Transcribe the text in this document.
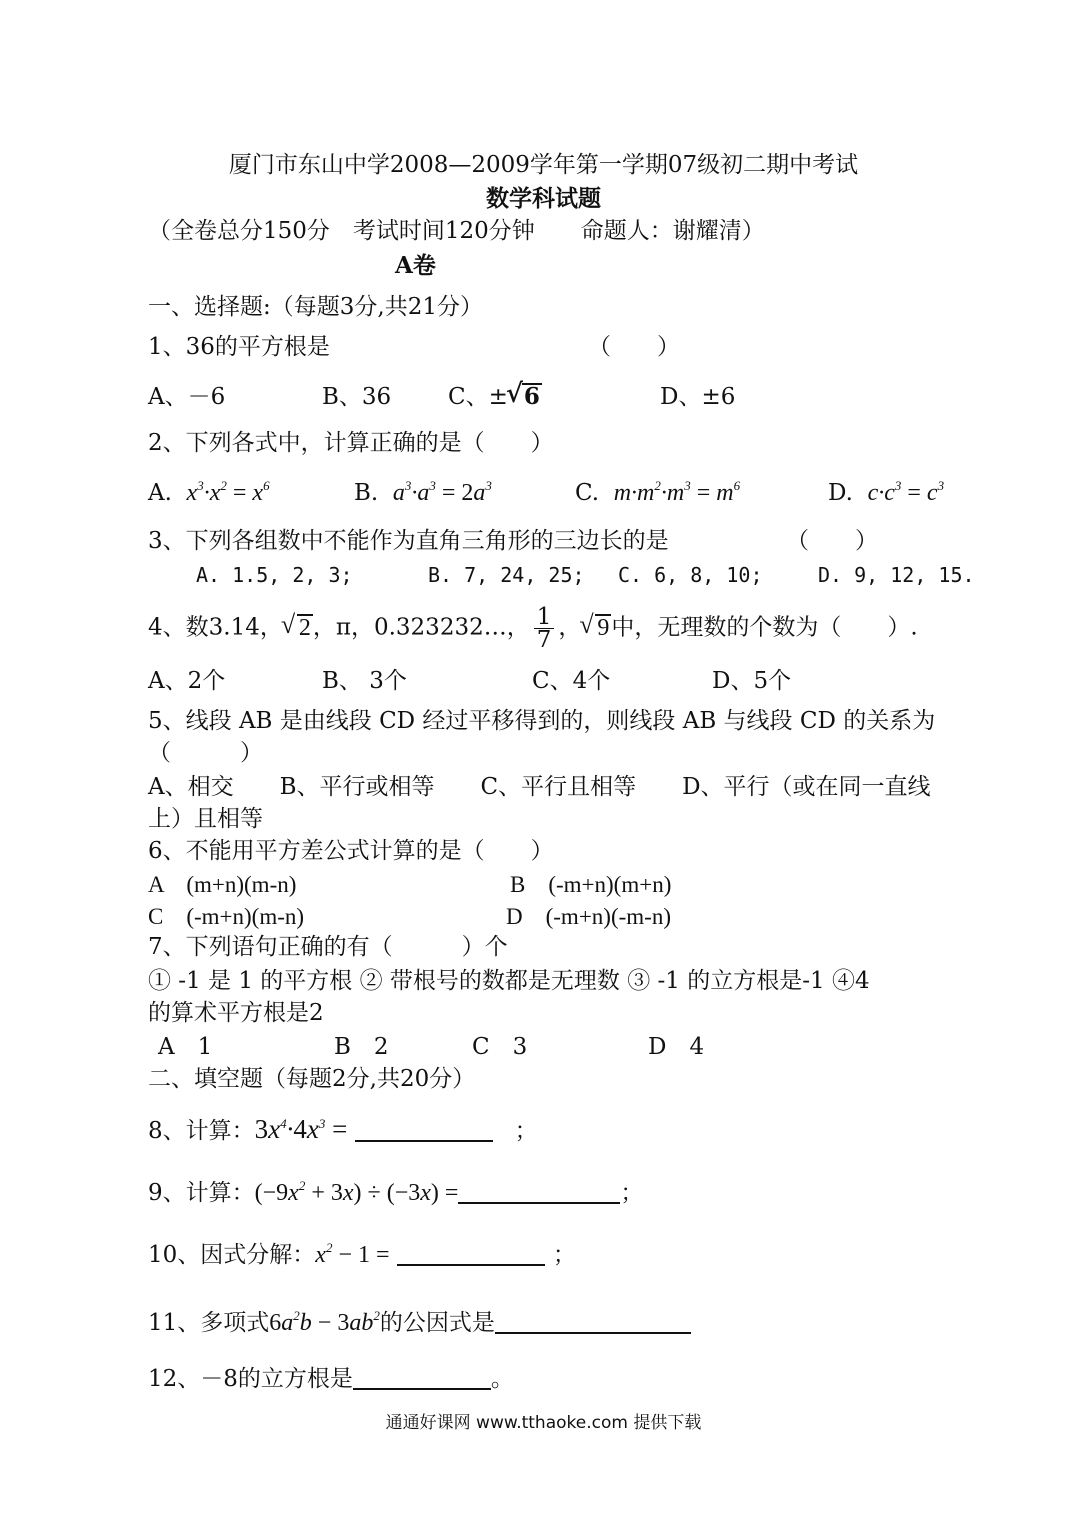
厦门市东山中学2008—2009学年第一学期07级初二期中考试
数学科试题
（全卷总分150分　考试时间120分钟　　命题人：谢耀清）
A卷
一、选择题:（每题3分,共21分）
1、36的平方根是	（　　）
A、－6	B、36 C、± √ 6	D、±6
2、下列各式中，计算正确的是（　　）
A. $x^3\cdot x^2 = x^6$	B. $a^3\cdot a^3 = 2a^3$	C. $m\cdot m^2\cdot m^3 = m^6$	D. $c\cdot c^3 = c^3$
3、下列各组数中不能作为直角三角形的三边长的是	（　　）
A. 1.5, 2, 3;	B. 7, 24, 25; C. 6, 8, 10;	D. 9, 12, 15.
4、数3.14， √ 2，π，0.323232…， $\frac{1}{7}$ ， √ 9中，无理数的个数为（　　）.
A、2个	B、 3个	C、4个	D、5个
5、线段 AB 是由线段 CD 经过平移得到的，则线段 AB 与线段 CD 的关系为
（　　　）
A、相交　　B、平行或相等　　C、平行且相等　　D、平行（或在同一直线
上）且相等
6、不能用平方差公式计算的是（　　）
A　(m+n)(m-n)	B　(-m+n)(m+n)
C　(-m+n)(m-n)	D　(-m+n)(-m-n)
7、下列语句正确的有（　　　）个
① -1 是 1 的平方根 ② 带根号的数都是无理数 ③ -1 的立方根是-1 ④4
的算术平方根是2
A　1	B　2	C　3	D　4
二、填空题（每题2分,共20分）
8、计算：$3x^4\cdot 4x^3$ =	；
9、计算：$(-9x^2 + 3x) \div (-3x)$ =	；
10、因式分解：$x^2 - 1$ =	；
11、多项式$6a^2b - 3ab^2$的公因式是
12、－8的立方根是	。
通通好课网 www.tthaoke.com 提供下载
